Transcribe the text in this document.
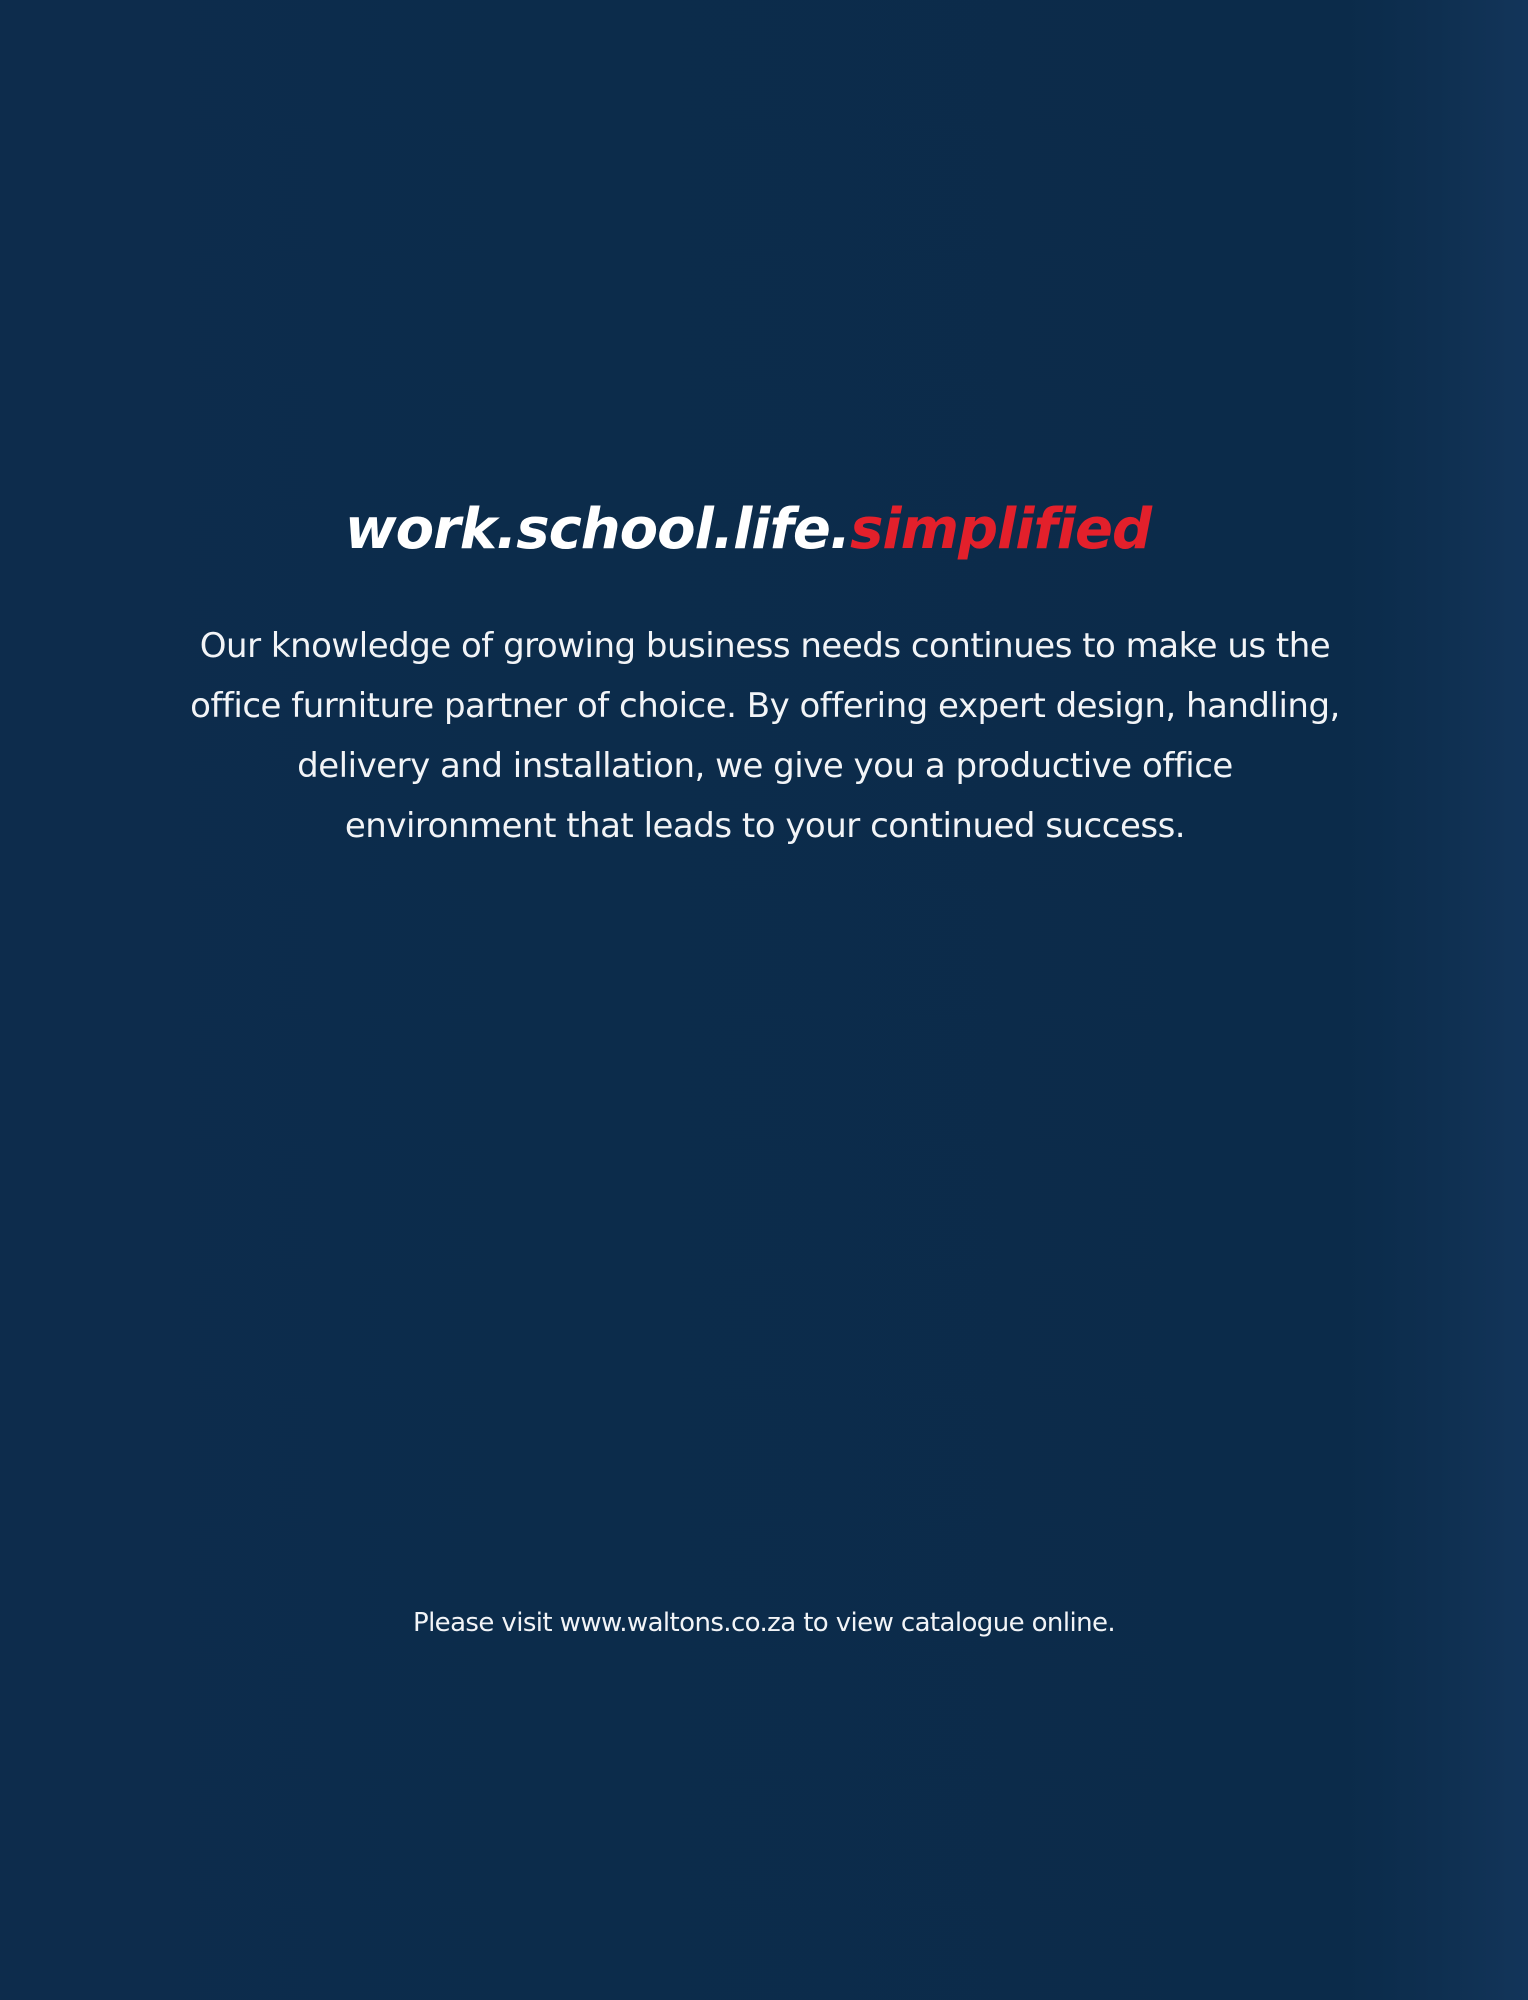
work.school.life.simplified
Our knowledge of growing business needs continues to make us the office furniture partner of choice. By offering expert design, handling, delivery and installation, we give you a productive office environment that leads to your continued success.
Please visit www.waltons.co.za to view catalogue online.
